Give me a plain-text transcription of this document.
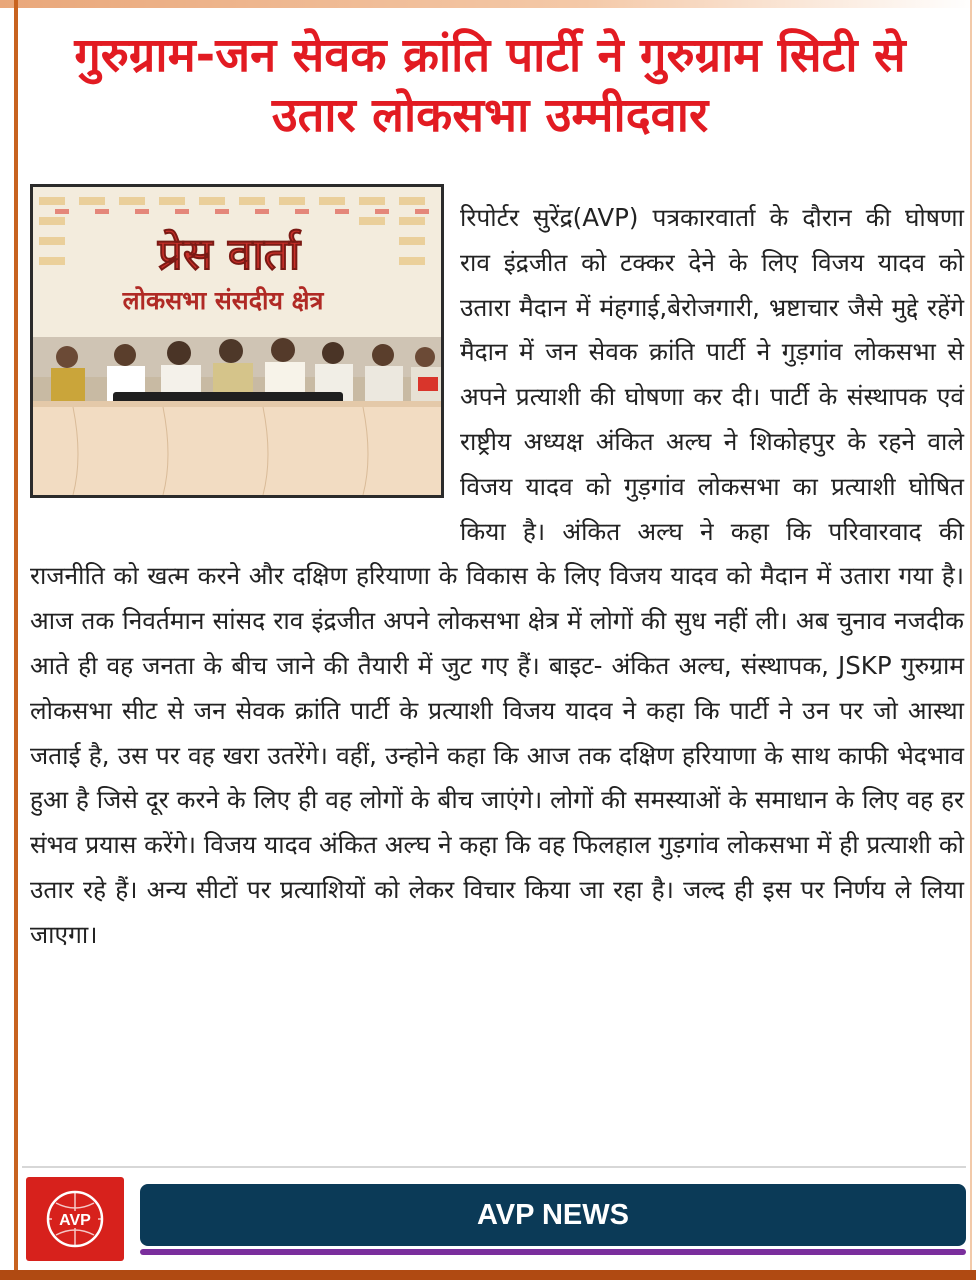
गुरुग्राम-जन सेवक क्रांति पार्टी ने गुरुग्राम सिटी से उतार लोकसभा उम्मीदवार
प्रेस वार्ता
लोकसभा संसदीय क्षेत्र

रिपोर्टर सुरेंद्र(AVP) पत्रकारवार्ता के दौरान की घोषणा राव इंद्रजीत को टक्कर देने के लिए विजय यादव को उतारा मैदान में मंहगाई,बेरोजगारी, भ्रष्टाचार जैसे मुद्दे रहेंगे मैदान में जन सेवक क्रांति पार्टी ने गुड़गांव लोकसभा से अपने प्रत्याशी की घोषणा कर दी। पार्टी के संस्थापक एवं राष्ट्रीय अध्यक्ष अंकित अल्घ ने शिकोहपुर के रहने वाले विजय यादव को गुड़गांव लोकसभा का प्रत्याशी घोषित किया है। अंकित अल्घ ने कहा कि परिवारवाद की राजनीति को खत्म करने और दक्षिण हरियाणा के विकास के लिए विजय यादव को मैदान में उतारा गया है। आज तक निवर्तमान सांसद राव इंद्रजीत अपने लोकसभा क्षेत्र में लोगों की सुध नहीं ली। अब चुनाव नजदीक आते ही वह जनता के बीच जाने की तैयारी में जुट गए हैं। बाइट- अंकित अल्घ, संस्थापक, JSKP गुरुग्राम लोकसभा सीट से जन सेवक क्रांति पार्टी के प्रत्याशी विजय यादव ने कहा कि पार्टी ने उन पर जो आस्था जताई है, उस पर वह खरा उतरेंगे। वहीं, उन्होने कहा कि आज तक दक्षिण हरियाणा के साथ काफी भेदभाव हुआ है जिसे दूर करने के लिए ही वह लोगों के बीच जाएंगे। लोगों की समस्याओं के समाधान के लिए वह हर संभव प्रयास करेंगे। विजय यादव अंकित अल्घ ने कहा कि वह फिलहाल गुड़गांव लोकसभा में ही प्रत्याशी को उतार रहे हैं। अन्य सीटों पर प्रत्याशियों को लेकर विचार किया जा रहा है। जल्द ही इस पर निर्णय ले लिया जाएगा।

AVP	AVP NEWS
